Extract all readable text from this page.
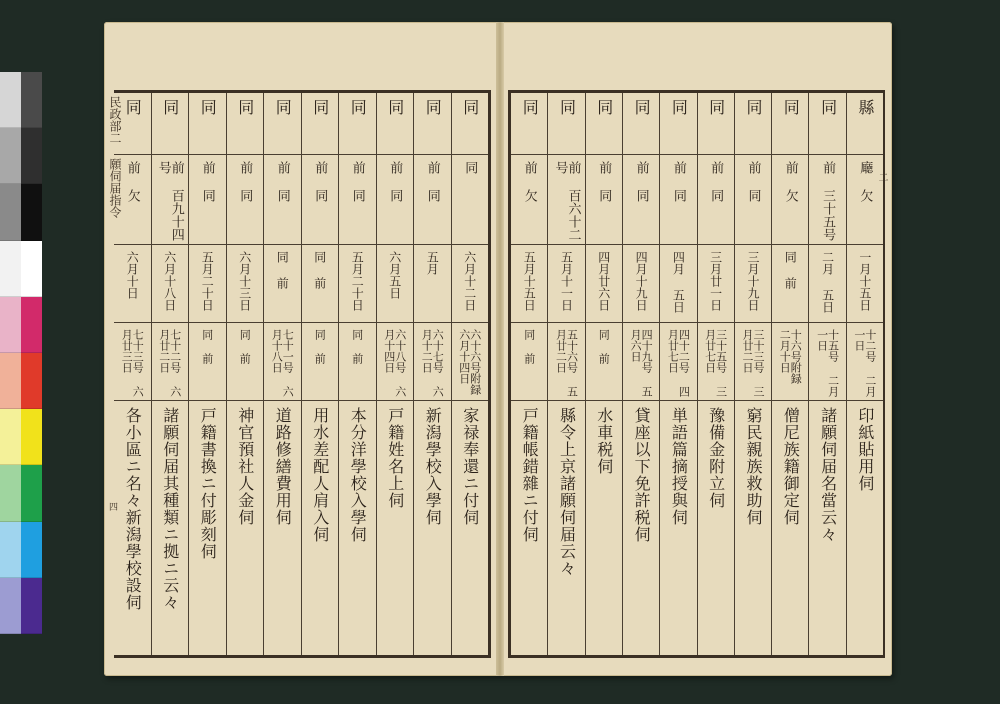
民政部二 願伺届指令
四
二
同
同
六月十二日
六十六号附録 六月十四日
家禄奉還ニ付伺
同
前 同
五月
六十七号 六月十二日
新潟學校入學伺
同
前 同
六月五日
六十八号 六月十四日
戸籍姓名上伺
同
前 同
五月二十日
同 前
本分洋學校入學伺
同
前 同
同 前
同 前
用水差配人肩入伺
同
前 同
同 前
七十一号 六月十八日
道路修繕費用伺
同
前 同
六月十三日
同 前
神官預社人金伺
同
前 同
五月二十日
同 前
戸籍書換ニ付彫刻伺
同
前 百九十四号
六月十八日
七十二号 六月廿二日
諸願伺届其種類ニ拠ニ云々
同
前 欠
六月十日
七十三号 六月廿三日
各小區ニ名々新潟學校設伺
縣
廰 欠
一月十五日
十二号 二月一日
印紙貼用伺
同
前 三十五号
二月 五日
十五号 二月一日
諸願伺届名當云々
同
前 欠
同 前
十六号附録 二月十日
僧尼族籍御定伺
同
前 同
三月十九日
三十三号 三月廿二日
窮民親族救助伺
同
前 同
三月廿一日
三十五号 三月廿七日
豫備金附立伺
同
前 同
四月 五日
四十二号 四月廿七日
単語篇摘授與伺
同
前 同
四月十九日
四十九号 五月六日
貸座以下免許税伺
同
前 同
四月廿六日
同 前
水車税伺
同
前 百六十二号
五月十一日
五十六号 五月廿二日
縣令上京諸願伺届云々
同
前 欠
五月十五日
同 前
戸籍帳錯雜ニ付伺
